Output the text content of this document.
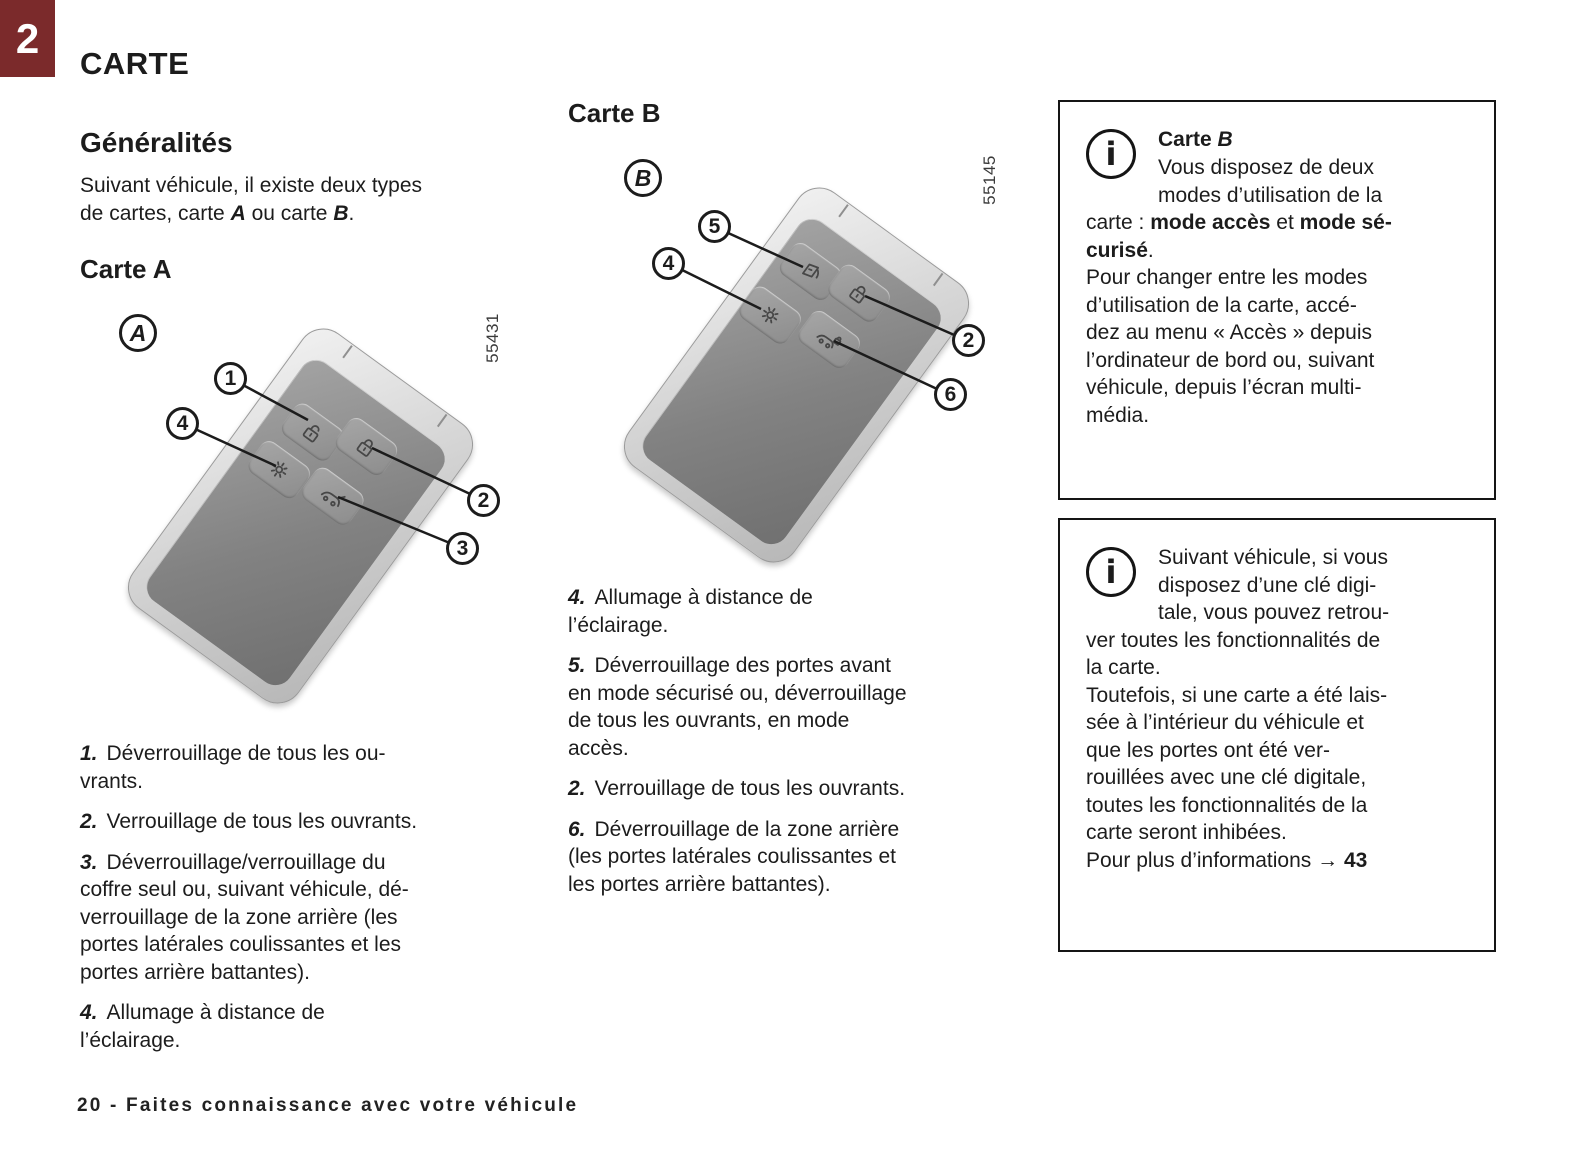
2
CARTE
Généralités
Suivant véhicule, il existe deux types
de cartes, carte A ou carte B.
Carte A
Carte B
A	55431
1
4
2
3
B	55145
5
4
2
6

1. Déverrouillage de tous les ou-
vrants.

2. Verrouillage de tous les ouvrants.

3. Déverrouillage/verrouillage du
coffre seul ou, suivant véhicule, dé-
verrouillage de la zone arrière (les
portes latérales coulissantes et les
portes arrière battantes).

4. Allumage à distance de
l’éclairage.

4. Allumage à distance de
l’éclairage.

5. Déverrouillage des portes avant
en mode sécurisé ou, déverrouillage
de tous les ouvrants, en mode
accès.

2. Verrouillage de tous les ouvrants.

6. Déverrouillage de la zone arrière
(les portes latérales coulissantes et
les portes arrière battantes).

i	Carte B
Vous disposez de deux
modes d’utilisation de la
carte : mode accès et mode sé-
curisé.
Pour changer entre les modes
d’utilisation de la carte, accé-
dez au menu « Accès » depuis
l’ordinateur de bord ou, suivant
véhicule, depuis l’écran multi-
média.
i	Suivant véhicule, si vous
disposez d’une clé digi-
tale, vous pouvez retrou-
ver toutes les fonctionnalités de
la carte.
Toutefois, si une carte a été lais-
sée à l’intérieur du véhicule et
que les portes ont été ver-
rouillées avec une clé digitale,
toutes les fonctionnalités de la
carte seront inhibées.
Pour plus d’informations → 43
20 - Faites connaissance avec votre véhicule
